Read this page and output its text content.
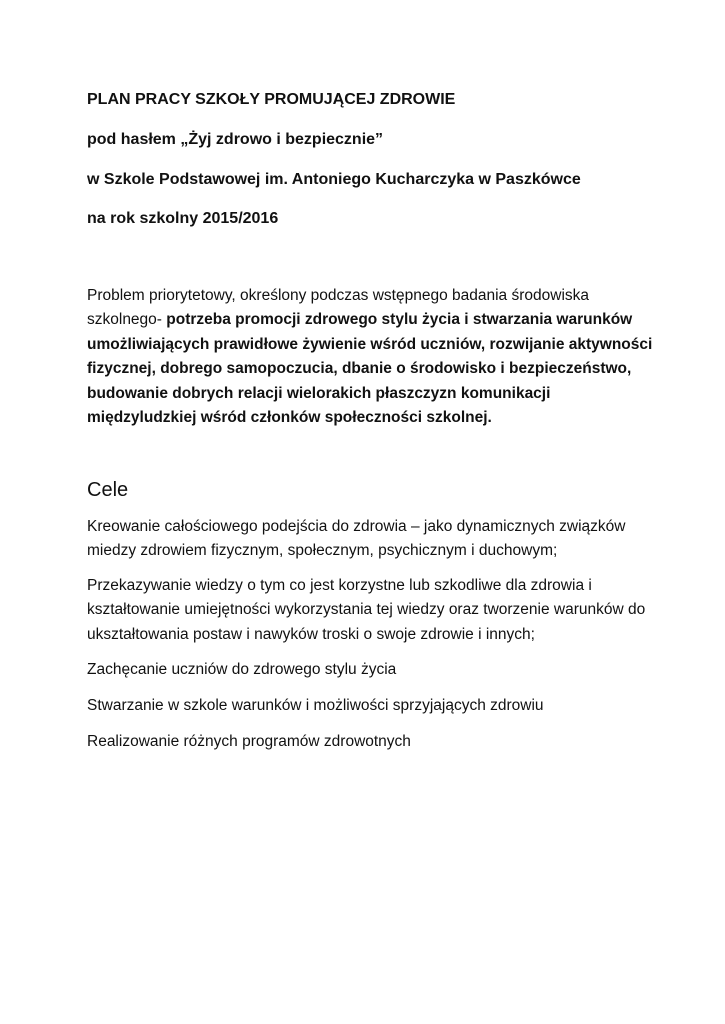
PLAN PRACY SZKOŁY PROMUJĄCEJ ZDROWIE
pod hasłem „Żyj zdrowo i bezpiecznie”
w Szkole Podstawowej im. Antoniego Kucharczyka w Paszkówce
na rok szkolny 2015/2016

Problem priorytetowy, określony podczas wstępnego badania środowiska szkolnego- potrzeba promocji zdrowego stylu życia i stwarzania warunków umożliwiających prawidłowe żywienie wśród uczniów, rozwijanie aktywności fizycznej, dobrego samopoczucia, dbanie o środowisko i bezpieczeństwo, budowanie dobrych relacji wielorakich płaszczyzn komunikacji międzyludzkiej wśród członków społeczności szkolnej.

Cele
Kreowanie całościowego podejścia do zdrowia – jako dynamicznych związków miedzy zdrowiem fizycznym, społecznym, psychicznym i duchowym;
Przekazywanie wiedzy o tym co jest korzystne lub szkodliwe dla zdrowia i kształtowanie umiejętności wykorzystania tej wiedzy oraz tworzenie warunków do ukształtowania postaw i nawyków troski o swoje zdrowie i innych;
Zachęcanie uczniów do zdrowego stylu życia
Stwarzanie w szkole warunków i możliwości sprzyjających zdrowiu
Realizowanie różnych programów zdrowotnych
